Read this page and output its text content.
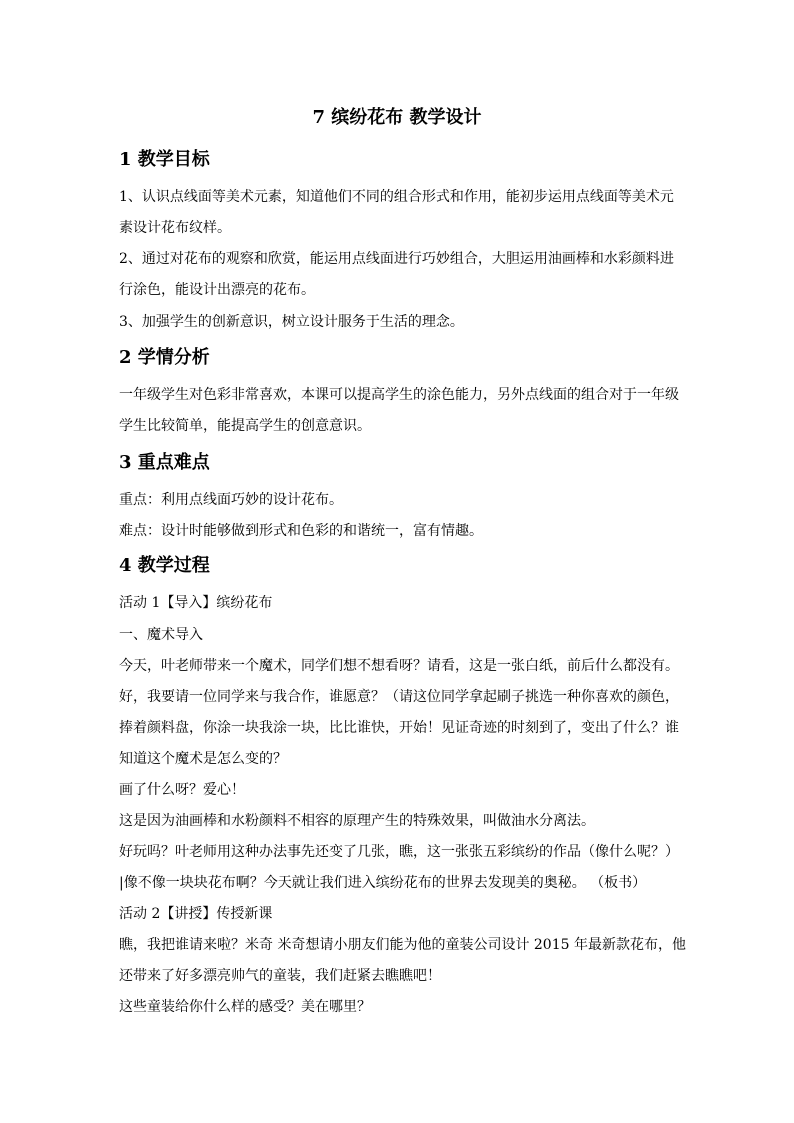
7 缤纷花布 教学设计
1 教学目标
1、认识点线面等美术元素，知道他们不同的组合形式和作用，能初步运用点线面等美术元
素设计花布纹样。
2、通过对花布的观察和欣赏，能运用点线面进行巧妙组合，大胆运用油画棒和水彩颜料进
行涂色，能设计出漂亮的花布。
3、加强学生的创新意识，树立设计服务于生活的理念。
2 学情分析
一年级学生对色彩非常喜欢，本课可以提高学生的涂色能力，另外点线面的组合对于一年级
学生比较简单，能提高学生的创意意识。
3 重点难点
重点：利用点线面巧妙的设计花布。
难点：设计时能够做到形式和色彩的和谐统一，富有情趣。
4 教学过程
活动 1【导入】缤纷花布
一、魔术导入
今天，叶老师带来一个魔术，同学们想不想看呀？请看，这是一张白纸，前后什么都没有。
好，我要请一位同学来与我合作，谁愿意？（请这位同学拿起刷子挑选一种你喜欢的颜色，
捧着颜料盘，你涂一块我涂一块，比比谁快，开始！见证奇迹的时刻到了，变出了什么？谁
知道这个魔术是怎么变的？
画了什么呀？爱心！
这是因为油画棒和水粉颜料不相容的原理产生的特殊效果，叫做油水分离法。
好玩吗？叶老师用这种办法事先还变了几张，瞧，这一张张五彩缤纷的作品（像什么呢？）
|像不像一块块花布啊？今天就让我们进入缤纷花布的世界去发现美的奥秘。 （板书）
活动 2【讲授】传授新课
瞧，我把谁请来啦？米奇 米奇想请小朋友们能为他的童装公司设计 2015 年最新款花布，他
还带来了好多漂亮帅气的童装，我们赶紧去瞧瞧吧！
这些童装给你什么样的感受？美在哪里？
